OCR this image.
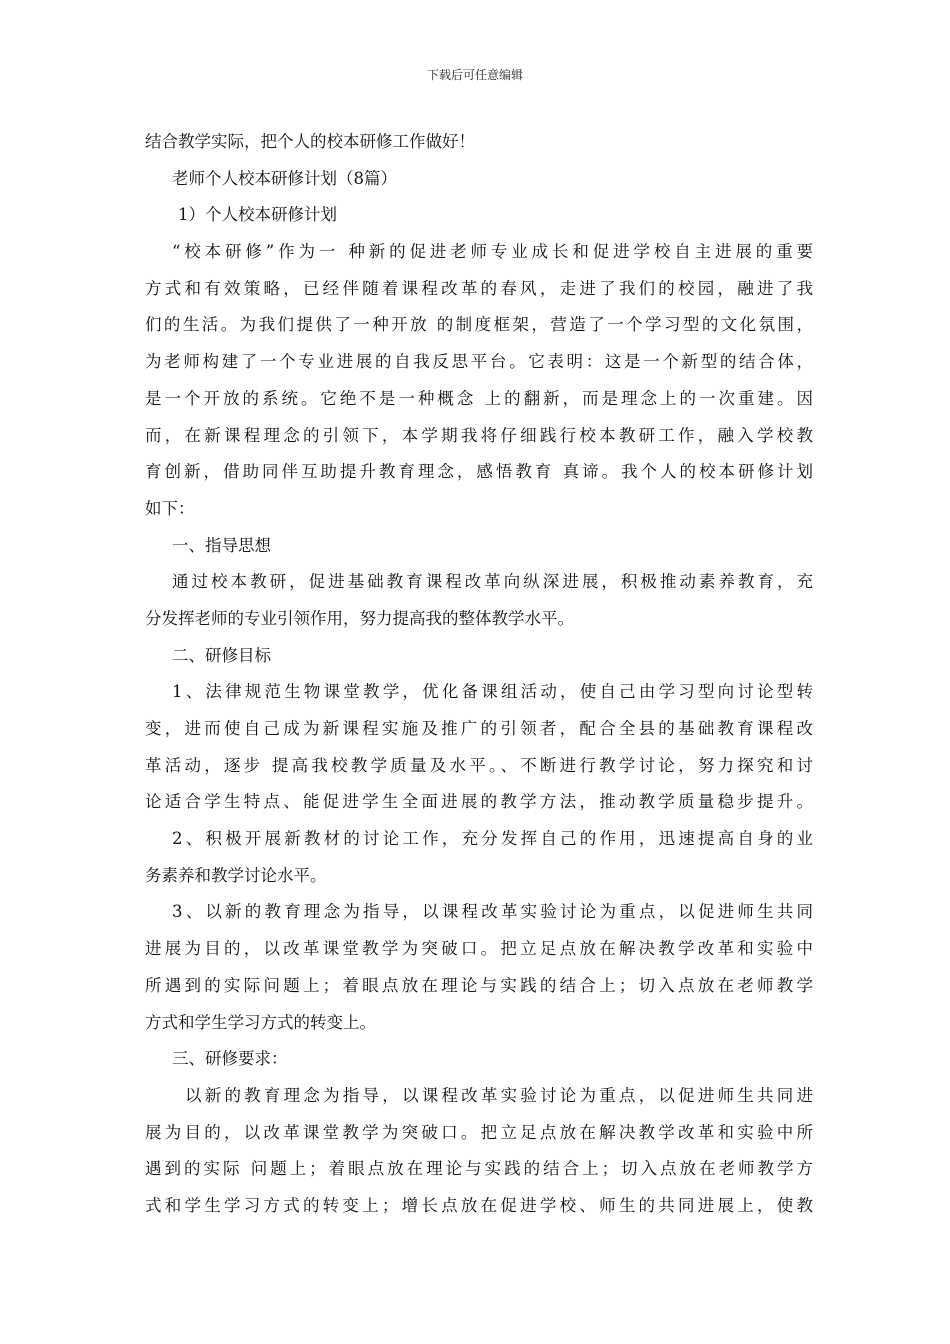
下载后可任意编辑
结合教学实际，把个人的校本研修工作做好！
老师个人校本研修计划（8篇）
1）个人校本研修计划
“校本研修”作为一 种新的促进老师专业成长和促进学校自主进展的重要
方式和有效策略，已经伴随着课程改革的春风，走进了我们的校园，融进了我
们的生活。为我们提供了一种开放 的制度框架，营造了一个学习型的文化氛围，
为老师构建了一个专业进展的自我反思平台。它表明：这是一个新型的结合体，
是一个开放的系统。它绝不是一种概念 上的翻新，而是理念上的一次重建。因
而，在新课程理念的引领下，本学期我将仔细践行校本教研工作，融入学校教
育创新，借助同伴互助提升教育理念，感悟教育 真谛。我个人的校本研修计划
如下：
一、指导思想
通过校本教研，促进基础教育课程改革向纵深进展，积极推动素养教育，充
分发挥老师的专业引领作用，努力提高我的整体教学水平。
二、研修目标
1、法律规范生物课堂教学，优化备课组活动，使自己由学习型向讨论型转
变，进而使自己成为新课程实施及推广的引领者，配合全县的基础教育课程改
革活动，逐步 提高我校教学质量及水平。、不断进行教学讨论，努力探究和讨
论适合学生特点、能促进学生全面进展的教学方法，推动教学质量稳步提升。
2、积极开展新教材的讨论工作，充分发挥自己的作用，迅速提高自身的业
务素养和教学讨论水平。
3、以新的教育理念为指导，以课程改革实验讨论为重点，以促进师生共同
进展为目的，以改革课堂教学为突破口。把立足点放在解决教学改革和实验中
所遇到的实际问题上；着眼点放在理论与实践的结合上；切入点放在老师教学
方式和学生学习方式的转变上。
三、研修要求：
以新的教育理念为指导，以课程改革实验讨论为重点，以促进师生共同进
展为目的，以改革课堂教学为突破口。把立足点放在解决教学改革和实验中所
遇到的实际 问题上；着眼点放在理论与实践的结合上；切入点放在老师教学方
式和学生学习方式的转变上；增长点放在促进学校、师生的共同进展上，使教
